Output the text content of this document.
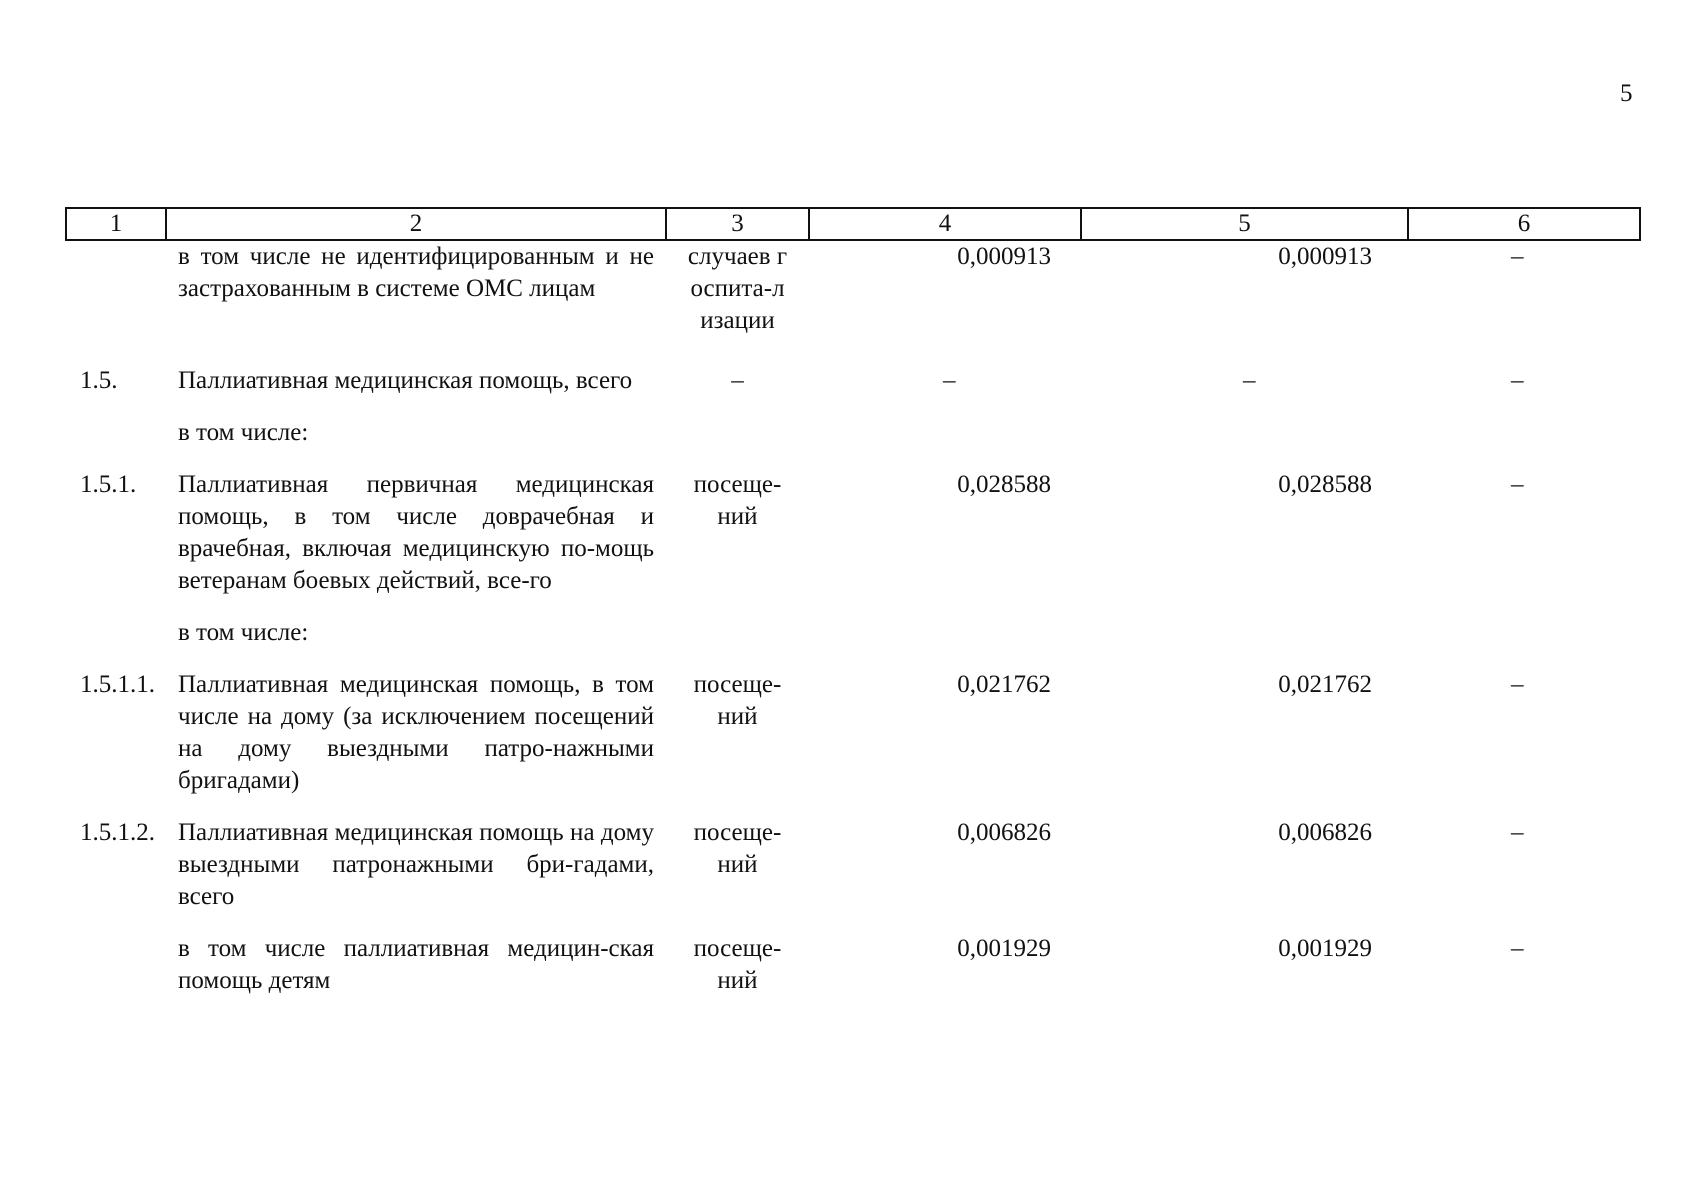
5
1	2	3	4	5	6
	в том числе не идентифицированным и не застрахованным в системе ОМС лицам	случаев госпита-лизации	0,000913	0,000913	–

1.5.	Паллиативная медицинская помощь, всего	–	–	–	–

	в том числе:				

1.5.1.	Паллиативная первичная медицинская помощь, в том числе доврачебная и врачебная, включая медицинскую по-мощь ветеранам боевых действий, все-го	посеще-ний	0,028588	0,028588	–

	в том числе:				

1.5.1.1.	Паллиативная медицинская помощь, в том числе на дому (за исключением посещений на дому выездными патро-нажными бригадами)	посеще-ний	0,021762	0,021762	–

1.5.1.2.	Паллиативная медицинская помощь на дому выездными патронажными бри-гадами, всего	посеще-ний	0,006826	0,006826	–

	в том числе паллиативная медицин-ская помощь детям	посеще-ний	0,001929	0,001929	–
